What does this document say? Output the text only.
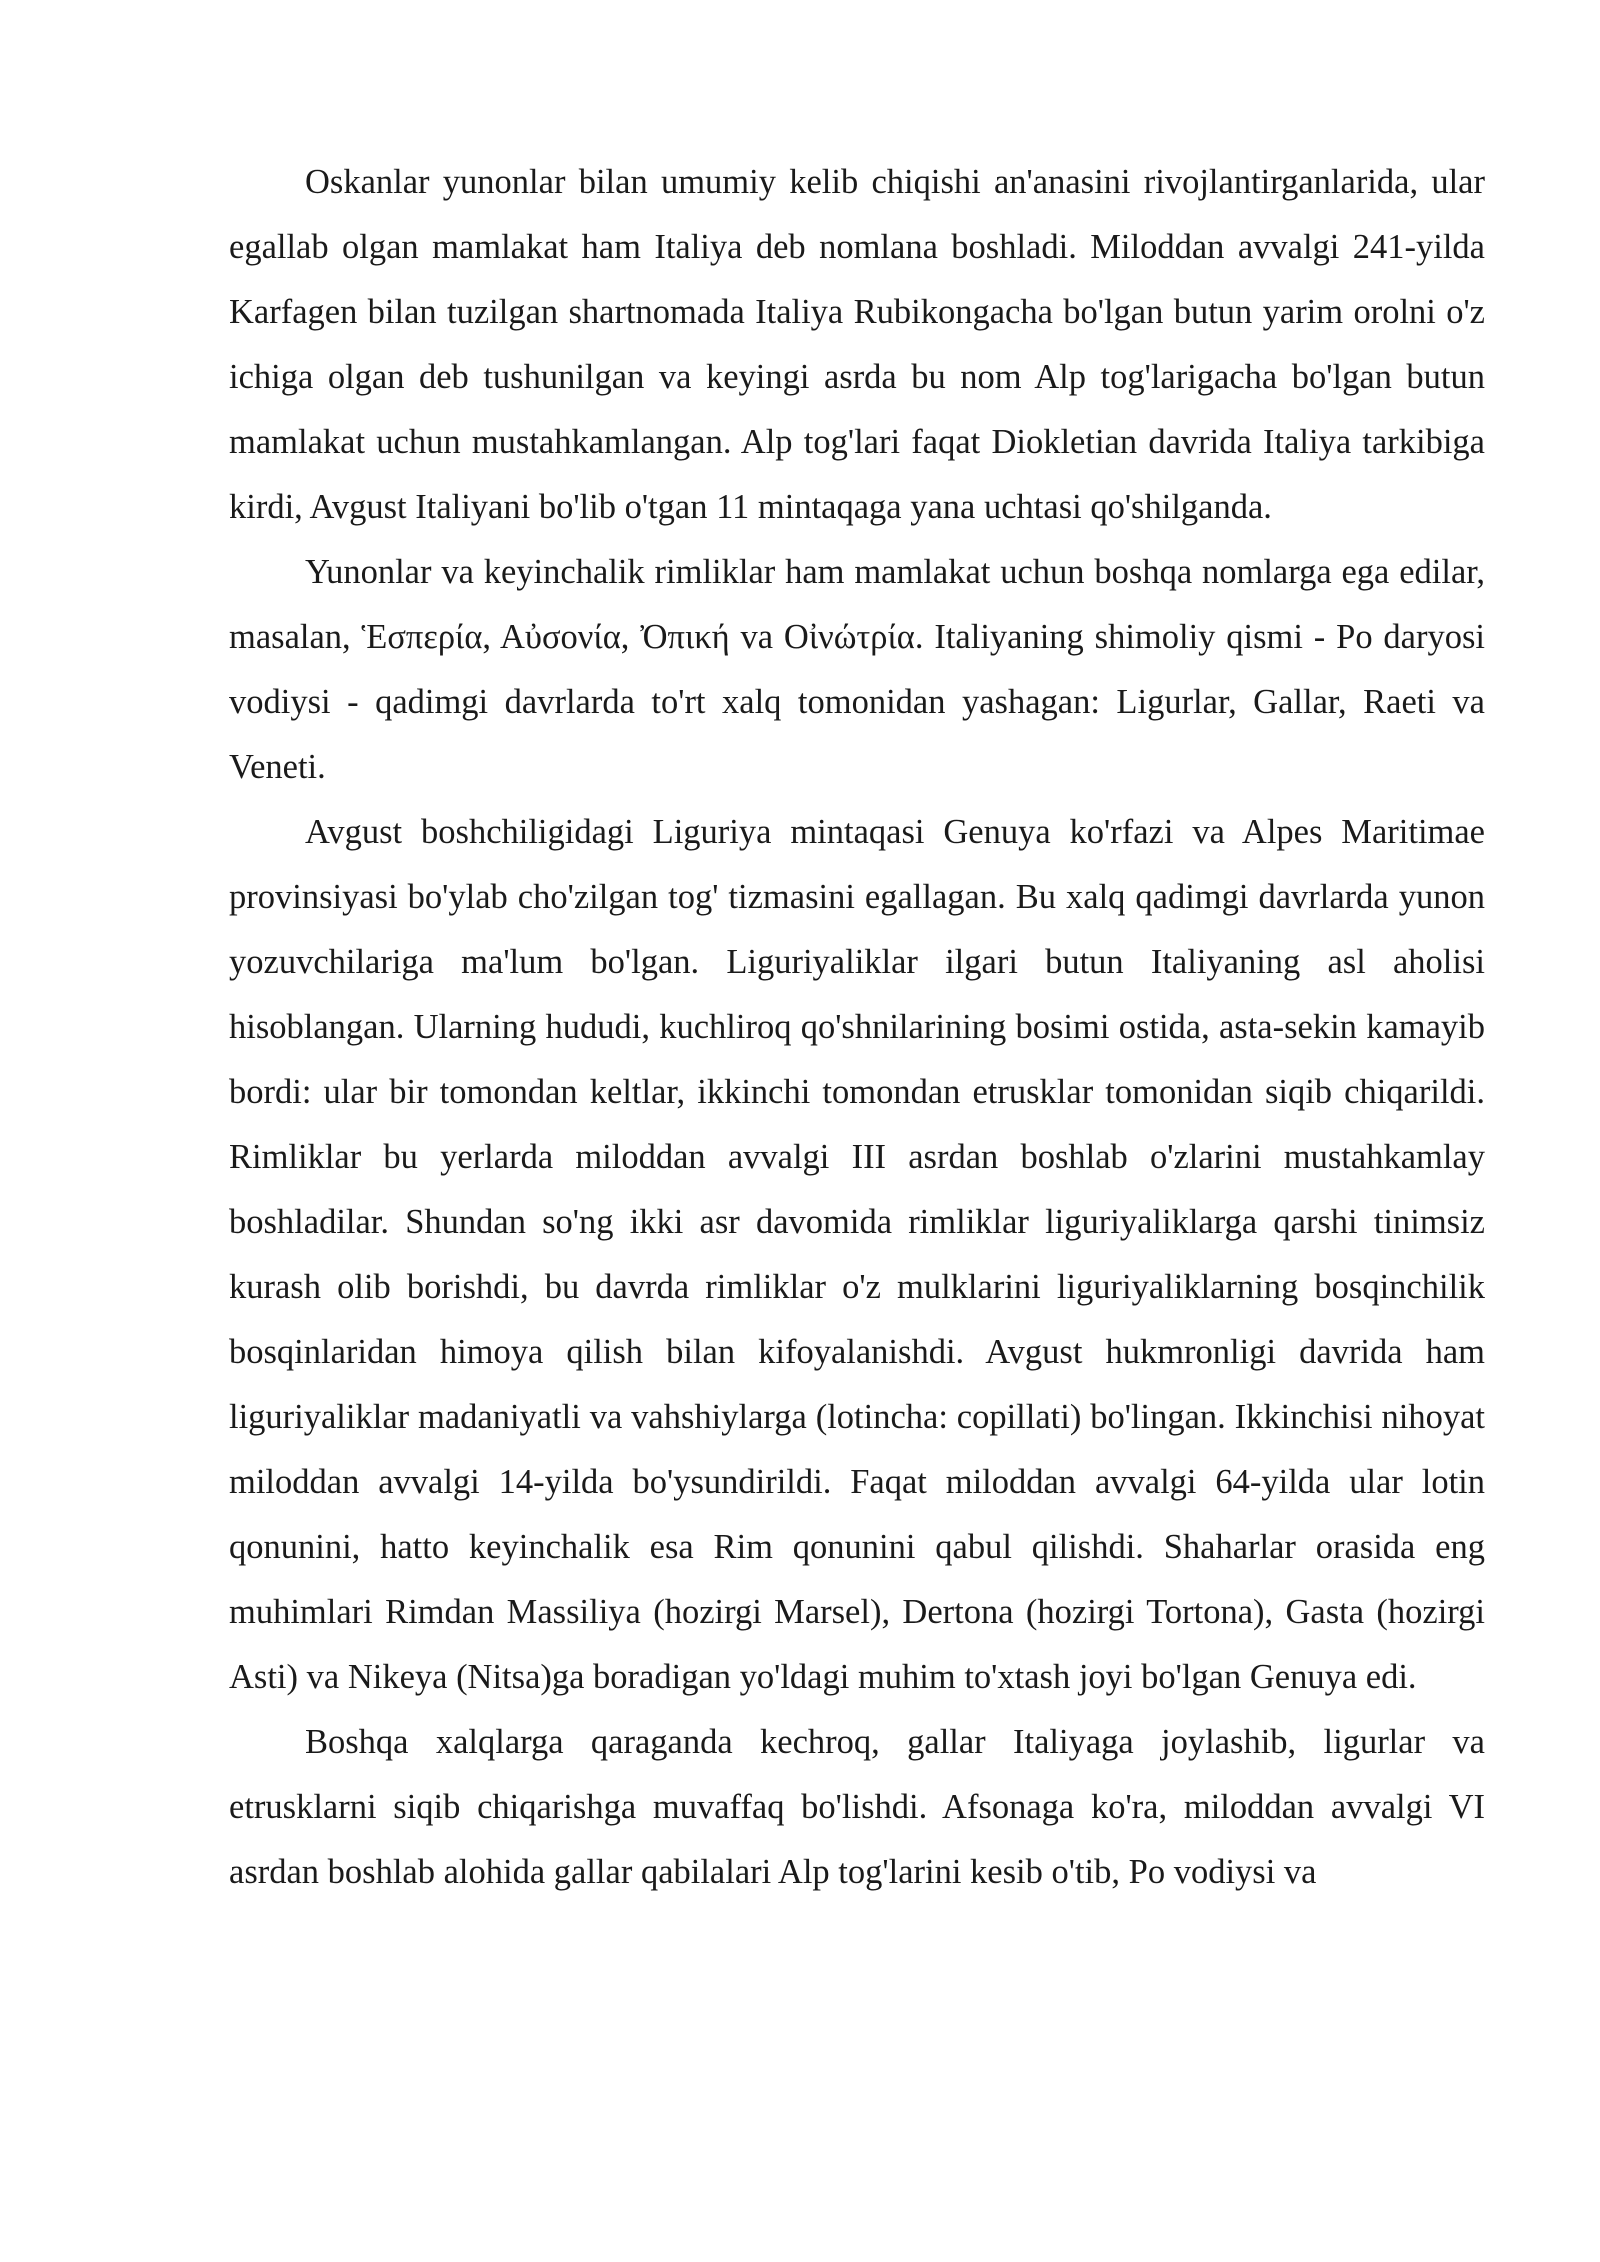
Oskanlar yunonlar bilan umumiy kelib chiqishi an'anasini rivojlantirganlarida, ular egallab olgan mamlakat ham Italiya deb nomlana boshladi. Miloddan avvalgi 241-yilda Karfagen bilan tuzilgan shartnomada Italiya Rubikongacha bo'lgan butun yarim orolni o'z ichiga olgan deb tushunilgan va keyingi asrda bu nom Alp tog'larigacha bo'lgan butun mamlakat uchun mustahkamlangan. Alp tog'lari faqat Diokletian davrida Italiya tarkibiga kirdi, Avgust Italiyani bo'lib o'tgan 11 mintaqaga yana uchtasi qo'shilganda.

Yunonlar va keyinchalik rimliklar ham mamlakat uchun boshqa nomlarga ega edilar, masalan, Ἑσπερία, Αὐσονία, Ὀπική va Οἰνώτρία. Italiyaning shimoliy qismi - Po daryosi vodiysi - qadimgi davrlarda to'rt xalq tomonidan yashagan: Ligurlar, Gallar, Raeti va Veneti.

Avgust boshchiligidagi Liguriya mintaqasi Genuya ko'rfazi va Alpes Maritimae provinsiyasi bo'ylab cho'zilgan tog' tizmasini egallagan. Bu xalq qadimgi davrlarda yunon yozuvchilariga ma'lum bo'lgan. Liguriyaliklar ilgari butun Italiyaning asl aholisi hisoblangan. Ularning hududi, kuchliroq qo'shnilarining bosimi ostida, asta-sekin kamayib bordi: ular bir tomondan keltlar, ikkinchi tomondan etrusklar tomonidan siqib chiqarildi. Rimliklar bu yerlarda miloddan avvalgi III asrdan boshlab o'zlarini mustahkamlay boshladilar. Shundan so'ng ikki asr davomida rimliklar liguriyaliklarga qarshi tinimsiz kurash olib borishdi, bu davrda rimliklar o'z mulklarini liguriyaliklarning bosqinchilik bosqinlaridan himoya qilish bilan kifoyalanishdi. Avgust hukmronligi davrida ham liguriyaliklar madaniyatli va vahshiylarga (lotincha: copillati) bo'lingan. Ikkinchisi nihoyat miloddan avvalgi 14-yilda bo'ysundirildi. Faqat miloddan avvalgi 64-yilda ular lotin qonunini, hatto keyinchalik esa Rim qonunini qabul qilishdi. Shaharlar orasida eng muhimlari Rimdan Massiliya (hozirgi Marsel), Dertona (hozirgi Tortona), Gasta (hozirgi Asti) va Nikeya (Nitsa)ga boradigan yo'ldagi muhim to'xtash joyi bo'lgan Genuya edi.

Boshqa xalqlarga qaraganda kechroq, gallar Italiyaga joylashib, ligurlar va etrusklarni siqib chiqarishga muvaffaq bo'lishdi. Afsonaga ko'ra, miloddan avvalgi VI asrdan boshlab alohida gallar qabilalari Alp tog'larini kesib o'tib, Po vodiysi va
